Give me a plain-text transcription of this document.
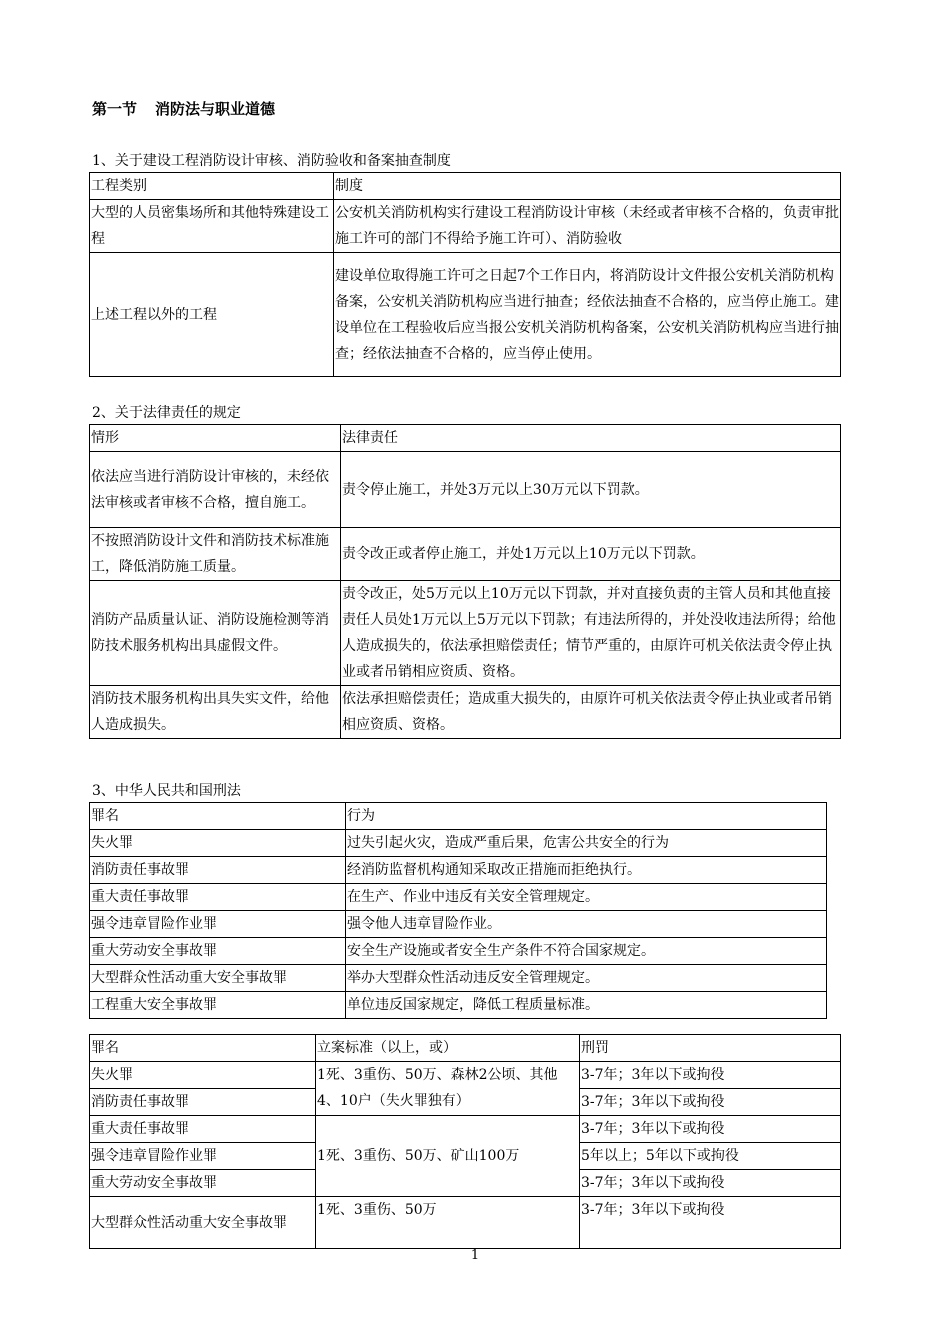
第一节 消防法与职业道德
1、关于建设工程消防设计审核、消防验收和备案抽查制度
工程类别	制度
大型的人员密集场所和其他特殊建设工程	公安机关消防机构实行建设工程消防设计审核（未经或者审核不合格的，负责审批施工许可的部门不得给予施工许可）、消防验收
上述工程以外的工程	建设单位取得施工许可之日起7个工作日内，将消防设计文件报公安机关消防机构备案，公安机关消防机构应当进行抽查；经依法抽查不合格的，应当停止施工。建设单位在工程验收后应当报公安机关消防机构备案，公安机关消防机构应当进行抽查；经依法抽查不合格的，应当停止使用。
2、关于法律责任的规定
情形	法律责任
依法应当进行消防设计审核的，未经依法审核或者审核不合格，擅自施工。	责令停止施工，并处3万元以上30万元以下罚款。
不按照消防设计文件和消防技术标准施工，降低消防施工质量。	责令改正或者停止施工，并处1万元以上10万元以下罚款。
消防产品质量认证、消防设施检测等消防技术服务机构出具虚假文件。	责令改正，处5万元以上10万元以下罚款，并对直接负责的主管人员和其他直接责任人员处1万元以上5万元以下罚款；有违法所得的，并处没收违法所得；给他人造成损失的，依法承担赔偿责任；情节严重的，由原许可机关依法责令停止执业或者吊销相应资质、资格。
消防技术服务机构出具失实文件，给他人造成损失。	依法承担赔偿责任；造成重大损失的，由原许可机关依法责令停止执业或者吊销相应资质、资格。
3、中华人民共和国刑法
罪名	行为
失火罪	过失引起火灾，造成严重后果，危害公共安全的行为
消防责任事故罪	经消防监督机构通知采取改正措施而拒绝执行。
重大责任事故罪	在生产、作业中违反有关安全管理规定。
强令违章冒险作业罪	强令他人违章冒险作业。
重大劳动安全事故罪	安全生产设施或者安全生产条件不符合国家规定。
大型群众性活动重大安全事故罪	举办大型群众性活动违反安全管理规定。
工程重大安全事故罪	单位违反国家规定，降低工程质量标准。
罪名	立案标准（以上，或）	刑罚
失火罪	1死、3重伤、50万、森林2公顷、其他4、10户（失火罪独有）	3-7年；3年以下或拘役
消防责任事故罪		3-7年；3年以下或拘役
重大责任事故罪	1死、3重伤、50万、矿山100万	3-7年；3年以下或拘役
强令违章冒险作业罪		5年以上；5年以下或拘役
重大劳动安全事故罪		3-7年；3年以下或拘役
大型群众性活动重大安全事故罪	1死、3重伤、50万	3-7年；3年以下或拘役
1
